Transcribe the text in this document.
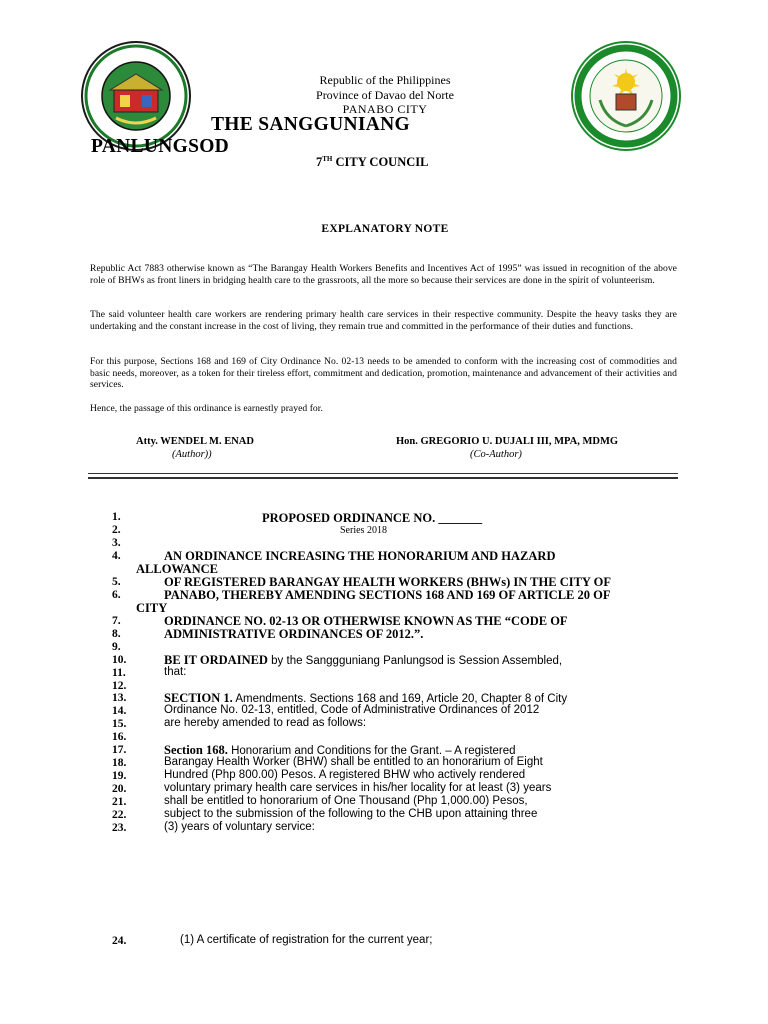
Republic of the Philippines
Province of Davao del Norte
PANABO CITY
THE SANGGUNIANG
PANLUNGSOD
7TH CITY COUNCIL
EXPLANATORY NOTE
Republic Act 7883 otherwise known as “The Barangay Health Workers Benefits and Incentives Act of 1995” was issued in recognition of the above role of BHWs as front liners in bridging health care to the grassroots, all the more so because their services are done in the spirit of volunteerism.
The said volunteer health care workers are rendering primary health care services in their respective community. Despite the heavy tasks they are undertaking and the constant increase in the cost of living, they remain true and committed in the performance of their duties and functions.
For this purpose, Sections 168 and 169 of City Ordinance No. 02-13 needs to be amended to conform with the increasing cost of commodities and basic needs, moreover, as a token for their tireless effort, commitment and dedication, promotion, maintenance and advancement of their activities and services.
Hence, the passage of this ordinance is earnestly prayed for.
Atty. WENDEL M. ENAD
(Author))
Hon. GREGORIO U. DUJALI III, MPA, MDMG
(Co-Author)
1.
2.
3.
4.
5.
6.
7.
8.
9.
10.
11.
12.
13.
14.
15.
16.
17.
18.
19.
20.
21.
22.
23.
24.
PROPOSED ORDINANCE NO. _______
Series 2018
AN ORDINANCE INCREASING THE HONORARIUM AND HAZARD
ALLOWANCE
OF REGISTERED BARANGAY HEALTH WORKERS (BHWs) IN THE CITY OF
PANABO, THEREBY AMENDING SECTIONS 168 AND 169 OF ARTICLE 20 OF
CITY
ORDINANCE NO. 02-13 OR OTHERWISE KNOWN AS THE “CODE OF
ADMINISTRATIVE ORDINANCES OF 2012.”.
BE IT ORDAINED by the Sanggguniang Panlungsod is Session Assembled,
that:
SECTION 1. Amendments. Sections 168 and 169, Article 20, Chapter 8 of City
Ordinance No. 02-13, entitled, Code of Administrative Ordinances of 2012
are hereby amended to read as follows:
Section 168. Honorarium and Conditions for the Grant. – A registered
Barangay Health Worker (BHW) shall be entitled to an honorarium of Eight
Hundred (Php 800.00) Pesos. A registered BHW who actively rendered
voluntary primary health care services in his/her locality for at least (3) years
shall be entitled to honorarium of One Thousand (Php 1,000.00) Pesos,
subject to the submission of the following to the CHB upon attaining three
(3) years of voluntary service:
(1) A certificate of registration for the current year;
